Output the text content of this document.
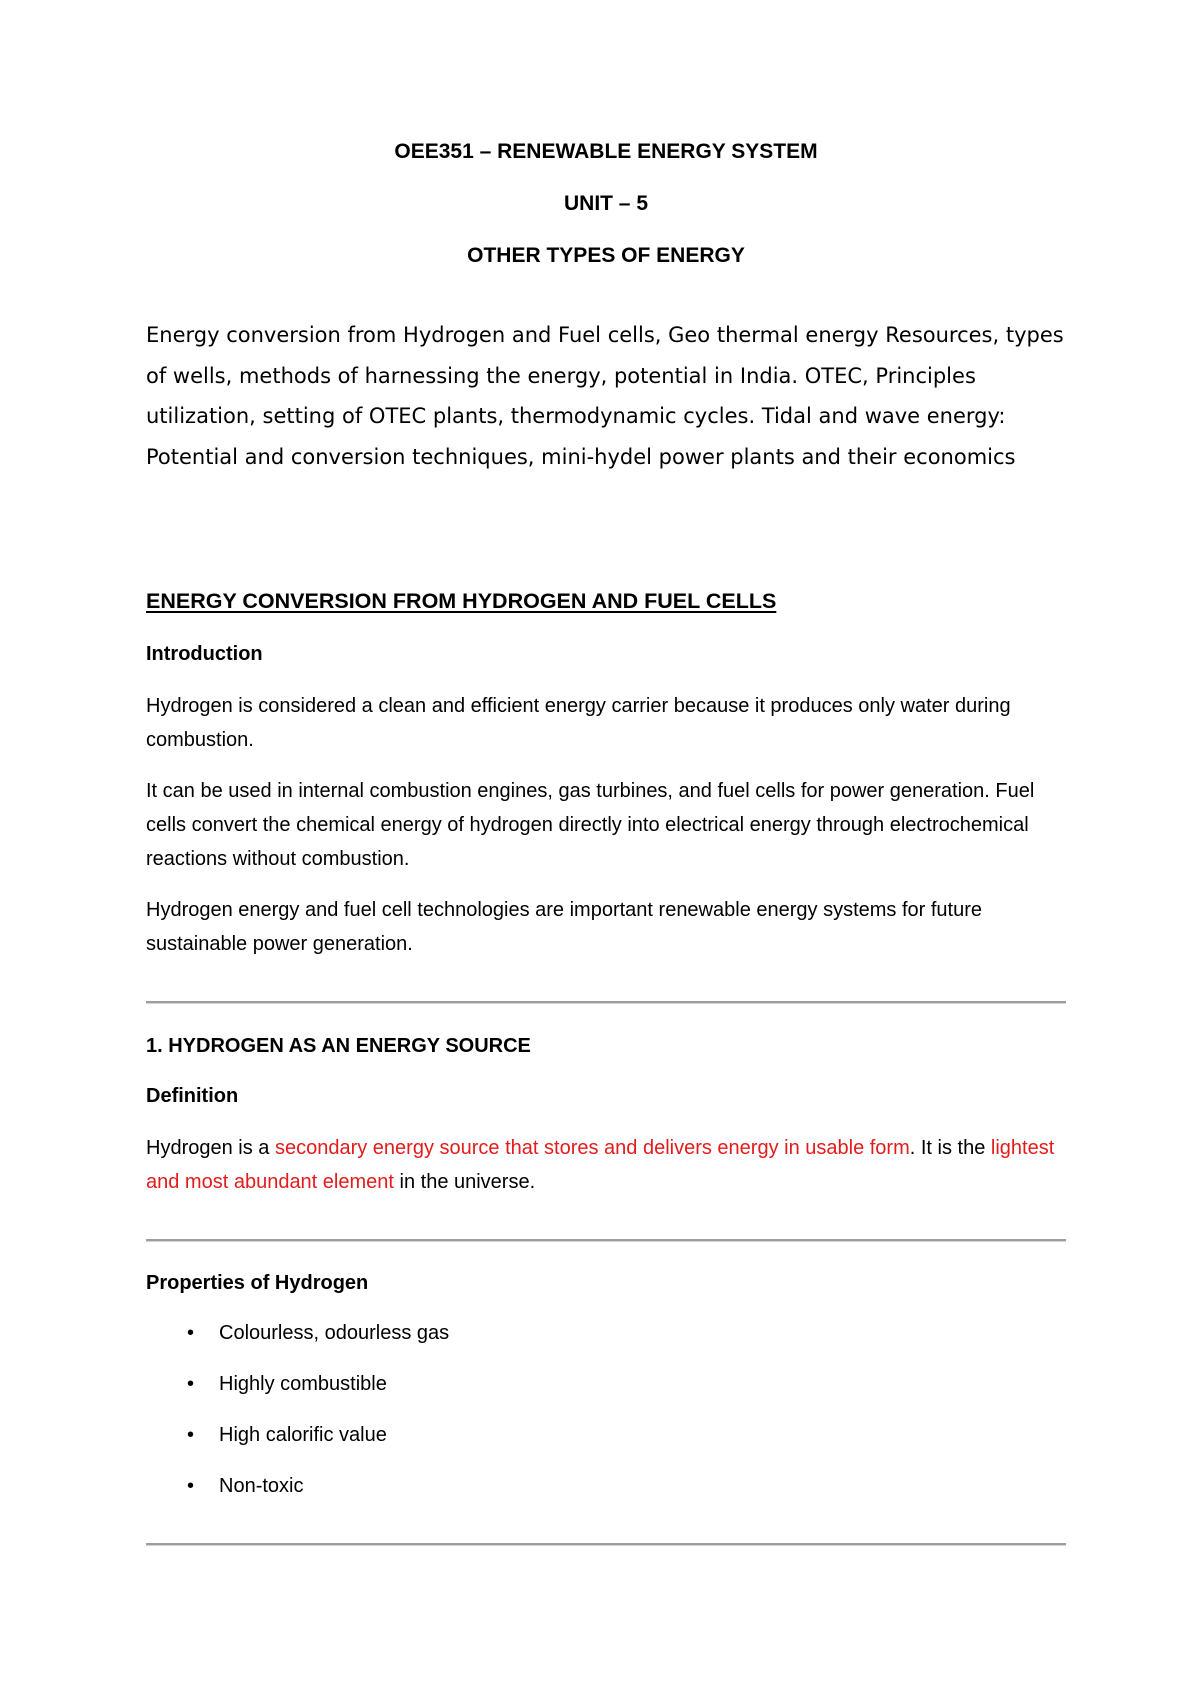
OEE351 – RENEWABLE ENERGY SYSTEM
UNIT – 5
OTHER TYPES OF ENERGY

Energy conversion from Hydrogen and Fuel cells, Geo thermal energy Resources, types of wells, methods of harnessing the energy, potential in India. OTEC, Principles utilization, setting of OTEC plants, thermodynamic cycles. Tidal and wave energy: Potential and conversion techniques, mini-hydel power plants and their economics

ENERGY CONVERSION FROM HYDROGEN AND FUEL CELLS
Introduction

Hydrogen is considered a clean and efficient energy carrier because it produces only water during combustion.

It can be used in internal combustion engines, gas turbines, and fuel cells for power generation. Fuel cells convert the chemical energy of hydrogen directly into electrical energy through electrochemical reactions without combustion.

Hydrogen energy and fuel cell technologies are important renewable energy systems for future sustainable power generation.

1. HYDROGEN AS AN ENERGY SOURCE
Definition

Hydrogen is a secondary energy source that stores and delivers energy in usable form. It is the lightest and most abundant element in the universe.

Properties of Hydrogen
• Colourless, odourless gas
• Highly combustible
• High calorific value
• Non-toxic
